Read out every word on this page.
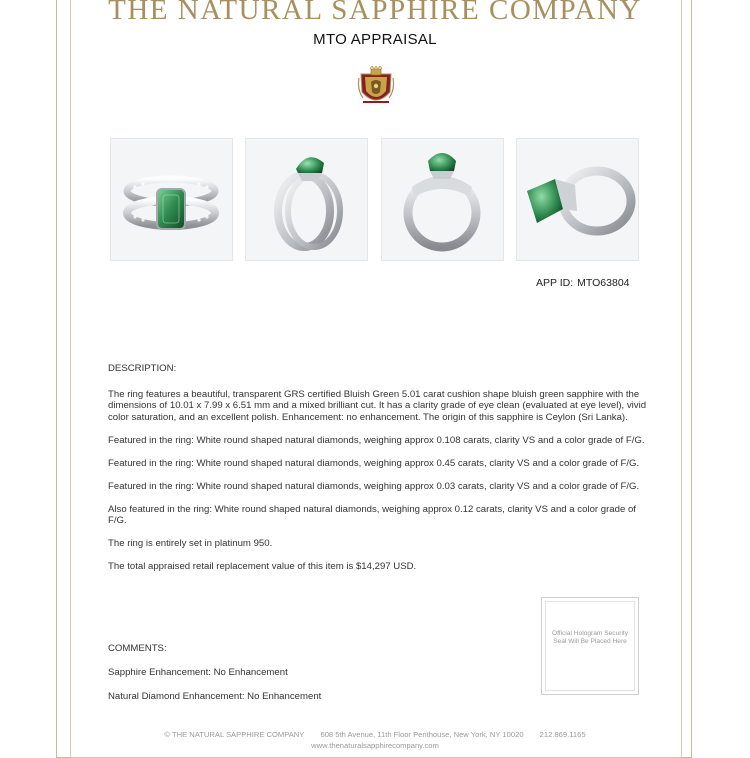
THE NATURAL SAPPHIRE COMPANY
MTO APPRAISAL
APP ID: MTO63804

DESCRIPTION:

The ring features a beautiful, transparent GRS certified Bluish Green 5.01 carat cushion shape bluish green sapphire with the dimensions of 10.01 x 7.99 x 6.51 mm and a mixed brilliant cut. It has a clarity grade of eye clean (evaluated at eye level), vivid color saturation, and an excellent polish. Enhancement: no enhancement. The origin of this sapphire is Ceylon (Sri Lanka).

Featured in the ring: White round shaped natural diamonds, weighing approx 0.108 carats, clarity VS and a color grade of F/G.

Featured in the ring: White round shaped natural diamonds, weighing approx 0.45 carats, clarity VS and a color grade of F/G.

Featured in the ring: White round shaped natural diamonds, weighing approx 0.03 carats, clarity VS and a color grade of F/G.

Also featured in the ring: White round shaped natural diamonds, weighing approx 0.12 carats, clarity VS and a color grade of F/G.

The ring is entirely set in platinum 950.

The total appraised retail replacement value of this item is $14,297 USD.

COMMENTS:

Sapphire Enhancement: No Enhancement

Natural Diamond Enhancement: No Enhancement

Official Hologram Security Seal Will Be Placed Here
© THE NATURAL SAPPHIRE COMPANY 608 5th Avenue, 11th Floor Penthouse, New York, NY 10020 212.869.1165
www.thenaturalsapphirecompany.com
